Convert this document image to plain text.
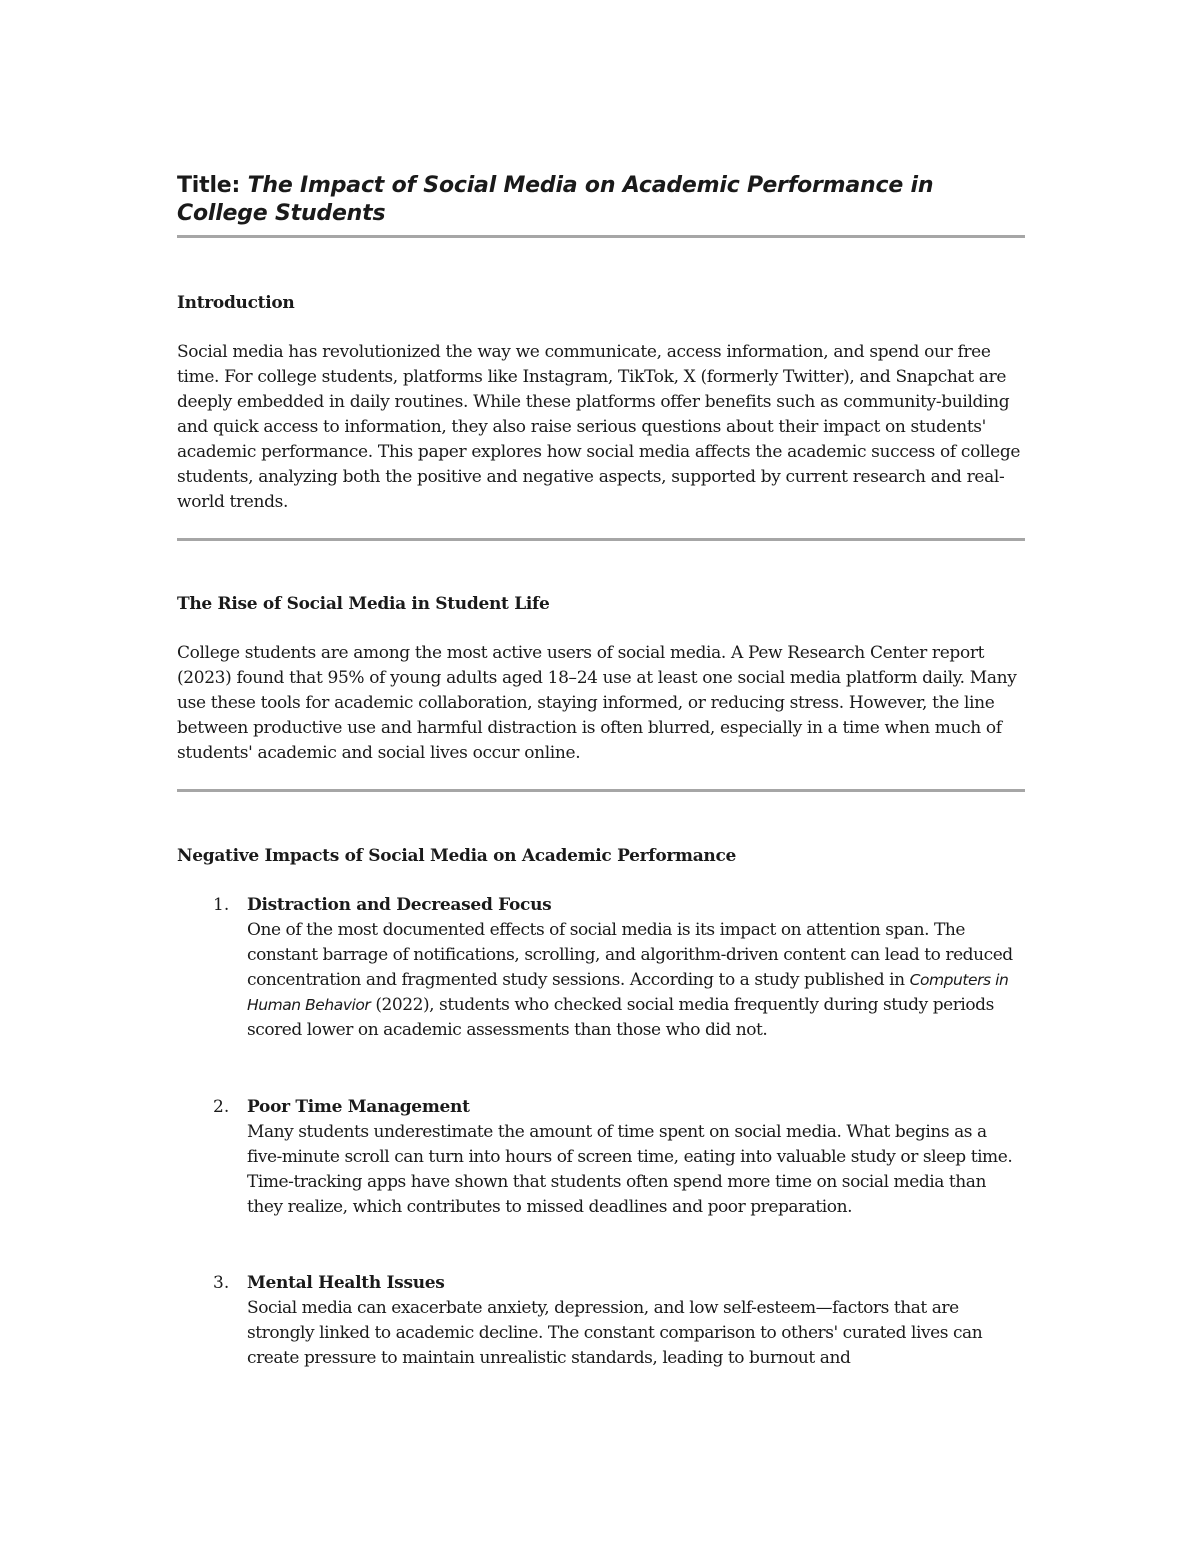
Title: The Impact of Social Media on Academic Performance in College Students
Introduction

Social media has revolutionized the way we communicate, access information, and spend our free time. For college students, platforms like Instagram, TikTok, X (formerly Twitter), and Snapchat are deeply embedded in daily routines. While these platforms offer benefits such as community-building and quick access to information, they also raise serious questions about their impact on students' academic performance. This paper explores how social media affects the academic success of college students, analyzing both the positive and negative aspects, supported by current research and real-world trends.

The Rise of Social Media in Student Life

College students are among the most active users of social media. A Pew Research Center report (2023) found that 95% of young adults aged 18–24 use at least one social media platform daily. Many use these tools for academic collaboration, staying informed, or reducing stress. However, the line between productive use and harmful distraction is often blurred, especially in a time when much of students' academic and social lives occur online.

Negative Impacts of Social Media on Academic Performance
1. Distraction and Decreased Focus
One of the most documented effects of social media is its impact on attention span. The constant barrage of notifications, scrolling, and algorithm-driven content can lead to reduced concentration and fragmented study sessions. According to a study published in Computers in Human Behavior (2022), students who checked social media frequently during study periods scored lower on academic assessments than those who did not.
2. Poor Time Management
Many students underestimate the amount of time spent on social media. What begins as a five-minute scroll can turn into hours of screen time, eating into valuable study or sleep time. Time-tracking apps have shown that students often spend more time on social media than they realize, which contributes to missed deadlines and poor preparation.
3. Mental Health Issues
Social media can exacerbate anxiety, depression, and low self-esteem—factors that are strongly linked to academic decline. The constant comparison to others' curated lives can create pressure to maintain unrealistic standards, leading to burnout and
